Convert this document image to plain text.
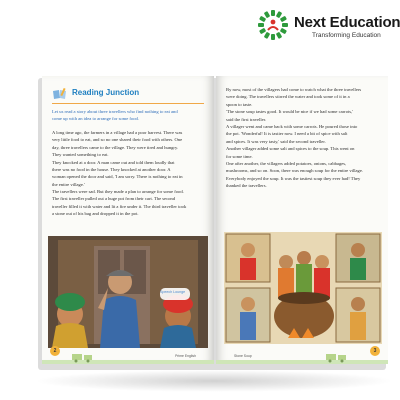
Next Education
Transforming Education
Reading Junction
Let us read a story about three travellers who find nothing to eat and
come up with an idea to arrange for some food.
A long time ago, the farmers in a village had a poor harvest. There was
very little food to eat, and so no one shared their food with others. One
day, three travellers came to the village. They were tired and hungry.
They wanted something to eat.
They knocked at a door. A man came out and told them loudly that
there was no food in the house. They knocked at another door. A
woman opened the door and said, 'I am sorry. There is nothing to eat in
the entire village.'
The travellers were sad. But they made a plan to arrange for some food.
The first traveller pulled out a huge pot from their cart. The second
traveller filled it with water and lit a fire under it. The third traveller took
a stone out of his bag and dropped it in the pot.
Speech Lounge
2
Prime English
By now, most of the villagers had come to watch what the three travellers
were doing. The travellers stirred the water and took some of it in a
spoon to taste.
'The stone soup tastes good. It would be nice if we had some carrots,'
said the first traveller.
A villager went and came back with some carrots. He poured those into
the pot. 'Wonderful! It is tastier now. I need a bit of spice with salt
and spices. It was very tasty,' said the second traveller.
Another villager added some salt and spices to the soup. This went on
for some time.
One after another, the villagers added potatoes, onions, cabbages,
mushrooms, and so on. Soon, there was enough soup for the entire village.
Everybody enjoyed the soup. It was the tastiest soup they ever had! They
thanked the travellers.
3
Stone Soup
